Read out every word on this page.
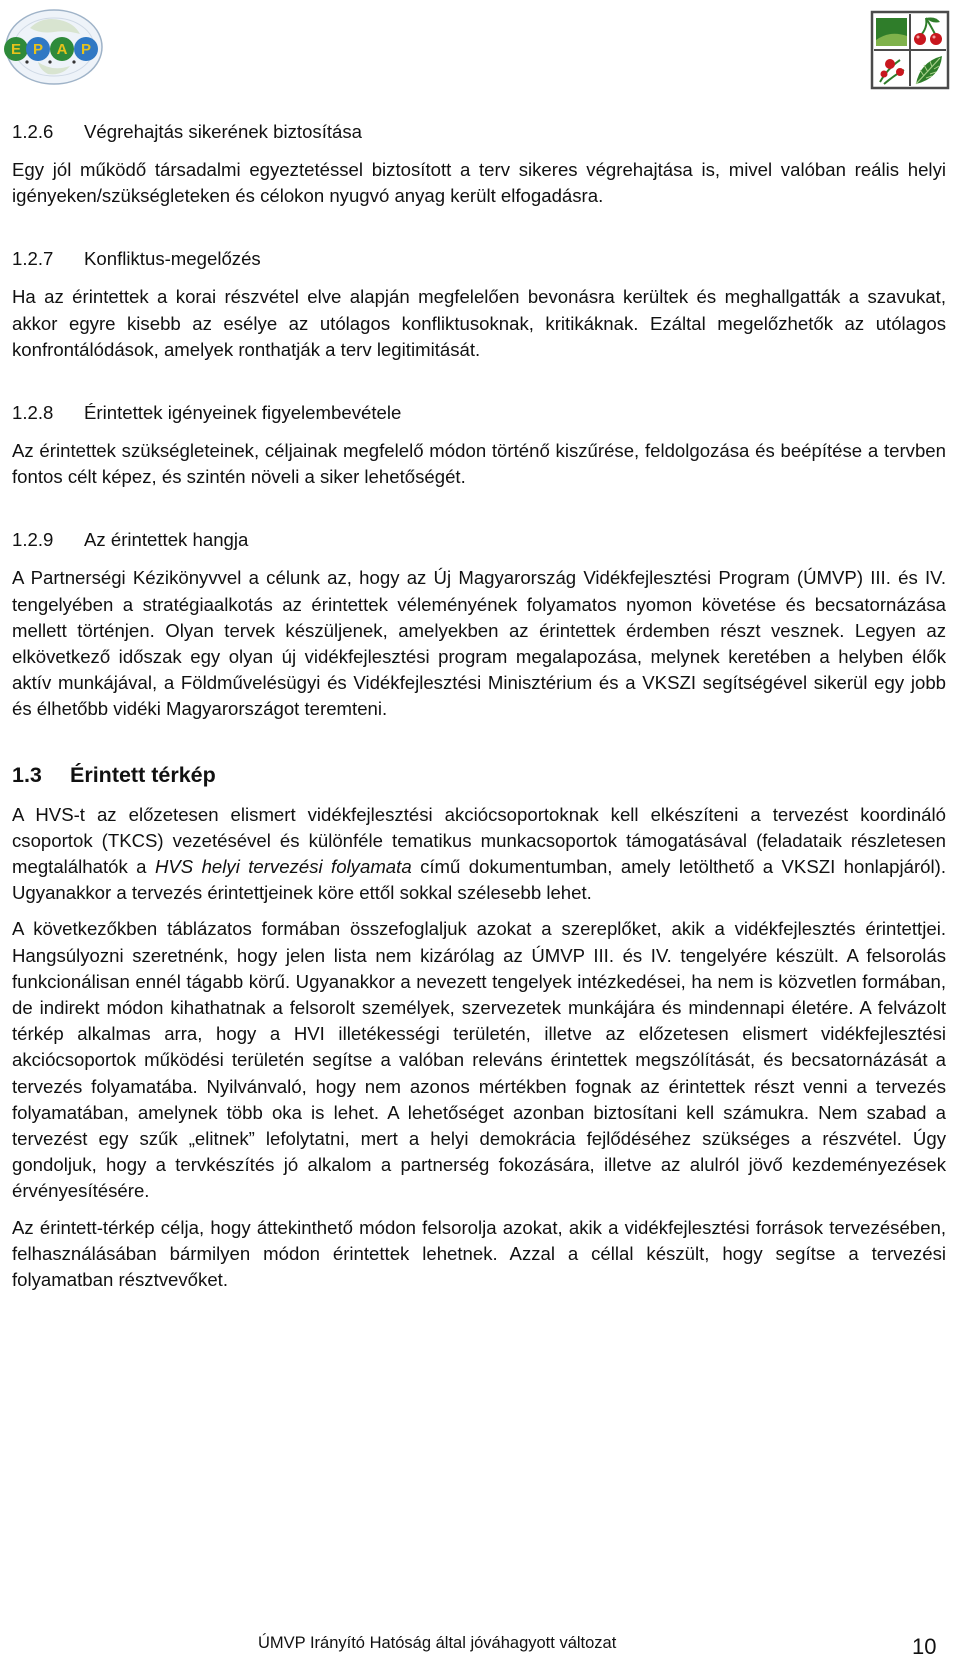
E P A P
1.2.6 Végrehajtás sikerének biztosítása

Egy jól működő társadalmi egyeztetéssel biztosított a terv sikeres végrehajtása is, mivel valóban reális helyi igényeken/szükségleteken és célokon nyugvó anyag került elfogadásra.

1.2.7 Konfliktus-megelőzés

Ha az érintettek a korai részvétel elve alapján megfelelően bevonásra kerültek és meghallgatták a szavukat, akkor egyre kisebb az esélye az utólagos konfliktusoknak, kritikáknak. Ezáltal megelőzhetők az utólagos konfrontálódások, amelyek ronthatják a terv legitimitását.

1.2.8 Érintettek igényeinek figyelembevétele

Az érintettek szükségleteinek, céljainak megfelelő módon történő kiszűrése, feldolgozása és beépítése a tervben fontos célt képez, és szintén növeli a siker lehetőségét.

1.2.9 Az érintettek hangja

A Partnerségi Kézikönyvvel a célunk az, hogy az Új Magyarország Vidékfejlesztési Program (ÚMVP) III. és IV. tengelyében a stratégiaalkotás az érintettek véleményének folyamatos nyomon követése és becsatornázása mellett történjen. Olyan tervek készüljenek, amelyekben az érintettek érdemben részt vesznek. Legyen az elkövetkező időszak egy olyan új vidékfejlesztési program megalapozása, melynek keretében a helyben élők aktív munkájával, a Földművelésügyi és Vidékfejlesztési Minisztérium és a VKSZI segítségével sikerül egy jobb és élhetőbb vidéki Magyarországot teremteni.

1.3 Érintett térkép

A HVS-t az előzetesen elismert vidékfejlesztési akciócsoportoknak kell elkészíteni a tervezést koordináló csoportok (TKCS) vezetésével és különféle tematikus munkacsoportok támogatásával (feladataik részletesen megtalálhatók a HVS helyi tervezési folyamata című dokumentumban, amely letölthető a VKSZI honlapjáról). Ugyanakkor a tervezés érintettjeinek köre ettől sokkal szélesebb lehet.

A következőkben táblázatos formában összefoglaljuk azokat a szereplőket, akik a vidékfejlesztés érintettjei. Hangsúlyozni szeretnénk, hogy jelen lista nem kizárólag az ÚMVP III. és IV. tengelyére készült. A felsorolás funkcionálisan ennél tágabb körű. Ugyanakkor a nevezett tengelyek intézkedései, ha nem is közvetlen formában, de indirekt módon kihathatnak a felsorolt személyek, szervezetek munkájára és mindennapi életére. A felvázolt térkép alkalmas arra, hogy a HVI illetékességi területén, illetve az előzetesen elismert vidékfejlesztési akciócsoportok működési területén segítse a valóban releváns érintettek megszólítását, és becsatornázását a tervezés folyamatába. Nyilvánvaló, hogy nem azonos mértékben fognak az érintettek részt venni a tervezés folyamatában, amelynek több oka is lehet. A lehetőséget azonban biztosítani kell számukra. Nem szabad a tervezést egy szűk „elitnek” lefolytatni, mert a helyi demokrácia fejlődéséhez szükséges a részvétel. Úgy gondoljuk, hogy a tervkészítés jó alkalom a partnerség fokozására, illetve az alulról jövő kezdeményezések érvényesítésére.

Az érintett-térkép célja, hogy áttekinthető módon felsorolja azokat, akik a vidékfejlesztési források tervezésében, felhasználásában bármilyen módon érintettek lehetnek. Azzal a céllal készült, hogy segítse a tervezési folyamatban résztvevőket.

ÚMVP Irányító Hatóság által jóváhagyott változat	10
